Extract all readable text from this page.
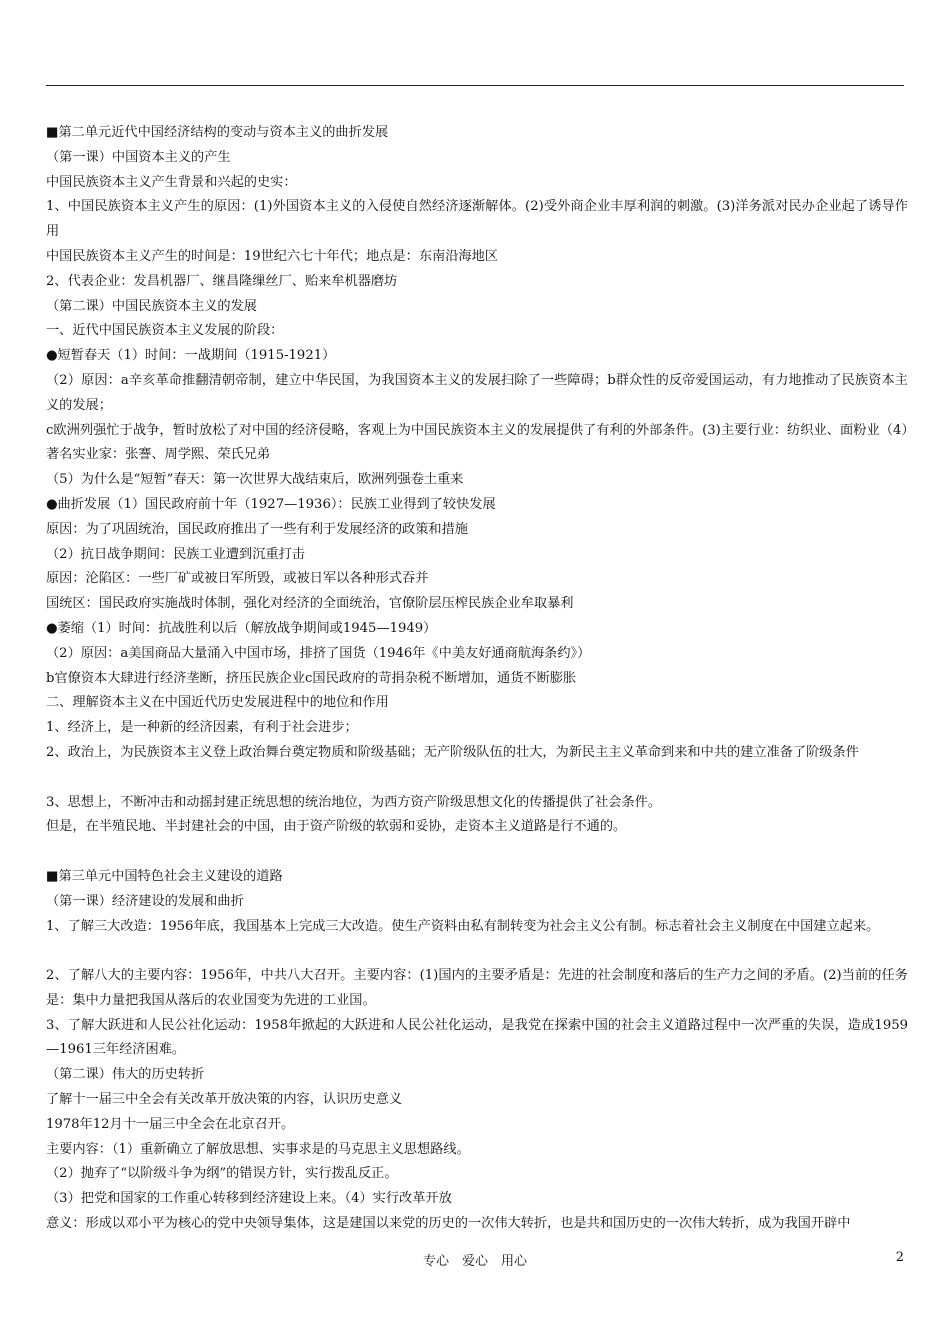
■第二单元近代中国经济结构的变动与资本主义的曲折发展
（第一课）中国资本主义的产生
中国民族资本主义产生背景和兴起的史实：
1、中国民族资本主义产生的原因：(1)外国资本主义的入侵使自然经济逐渐解体。(2)受外商企业丰厚利润的刺激。(3)洋务派对民办企业起了诱导作用
中国民族资本主义产生的时间是：19世纪六七十年代；地点是：东南沿海地区
2、代表企业：发昌机器厂、继昌隆缫丝厂、贻来牟机器磨坊
（第二课）中国民族资本主义的发展
一、近代中国民族资本主义发展的阶段：
●短暂春天（1）时间：一战期间（1915-1921）
（2）原因：a辛亥革命推翻清朝帝制，建立中华民国，为我国资本主义的发展扫除了一些障碍；b群众性的反帝爱国运动，有力地推动了民族资本主义的发展；
c欧洲列强忙于战争，暂时放松了对中国的经济侵略，客观上为中国民族资本主义的发展提供了有利的外部条件。(3)主要行业：纺织业、面粉业（4）著名实业家：张謇、周学熙、荣氏兄弟
（5）为什么是“短暂”春天：第一次世界大战结束后，欧洲列强卷土重来
●曲折发展（1）国民政府前十年（1927—1936）：民族工业得到了较快发展
原因：为了巩固统治，国民政府推出了一些有利于发展经济的政策和措施
（2）抗日战争期间：民族工业遭到沉重打击
原因：沦陷区：一些厂矿或被日军所毁，或被日军以各种形式吞并
国统区：国民政府实施战时体制，强化对经济的全面统治，官僚阶层压榨民族企业牟取暴利
●萎缩（1）时间：抗战胜利以后（解放战争期间或1945—1949）
（2）原因：a美国商品大量涌入中国市场，排挤了国货（1946年《中美友好通商航海条约》）
b官僚资本大肆进行经济垄断，挤压民族企业c国民政府的苛捐杂税不断增加，通货不断膨胀
二、理解资本主义在中国近代历史发展进程中的地位和作用
1、经济上，是一种新的经济因素，有利于社会进步；
2、政治上，为民族资本主义登上政治舞台奠定物质和阶级基础；无产阶级队伍的壮大，为新民主主义革命到来和中共的建立准备了阶级条件
3、思想上，不断冲击和动摇封建正统思想的统治地位，为西方资产阶级思想文化的传播提供了社会条件。
但是，在半殖民地、半封建社会的中国，由于资产阶级的软弱和妥协，走资本主义道路是行不通的。
■第三单元中国特色社会主义建设的道路
（第一课）经济建设的发展和曲折
1、了解三大改造：1956年底，我国基本上完成三大改造。使生产资料由私有制转变为社会主义公有制。标志着社会主义制度在中国建立起来。
2、了解八大的主要内容：1956年，中共八大召开。主要内容：(1)国内的主要矛盾是：先进的社会制度和落后的生产力之间的矛盾。(2)当前的任务是：集中力量把我国从落后的农业国变为先进的工业国。
3、了解大跃进和人民公社化运动：1958年掀起的大跃进和人民公社化运动，是我党在探索中国的社会主义道路过程中一次严重的失误，造成1959—1961三年经济困难。
（第二课）伟大的历史转折
了解十一届三中全会有关改革开放决策的内容，认识历史意义
1978年12月十一届三中全会在北京召开。
主要内容：（1）重新确立了解放思想、实事求是的马克思主义思想路线。
（2）抛弃了“以阶级斗争为纲”的错误方针，实行拨乱反正。
（3）把党和国家的工作重心转移到经济建设上来。（4）实行改革开放
意义：形成以邓小平为核心的党中央领导集体，这是建国以来党的历史的一次伟大转折，也是共和国历史的一次伟大转折，成为我国开辟中
专心　爱心　用心	2
